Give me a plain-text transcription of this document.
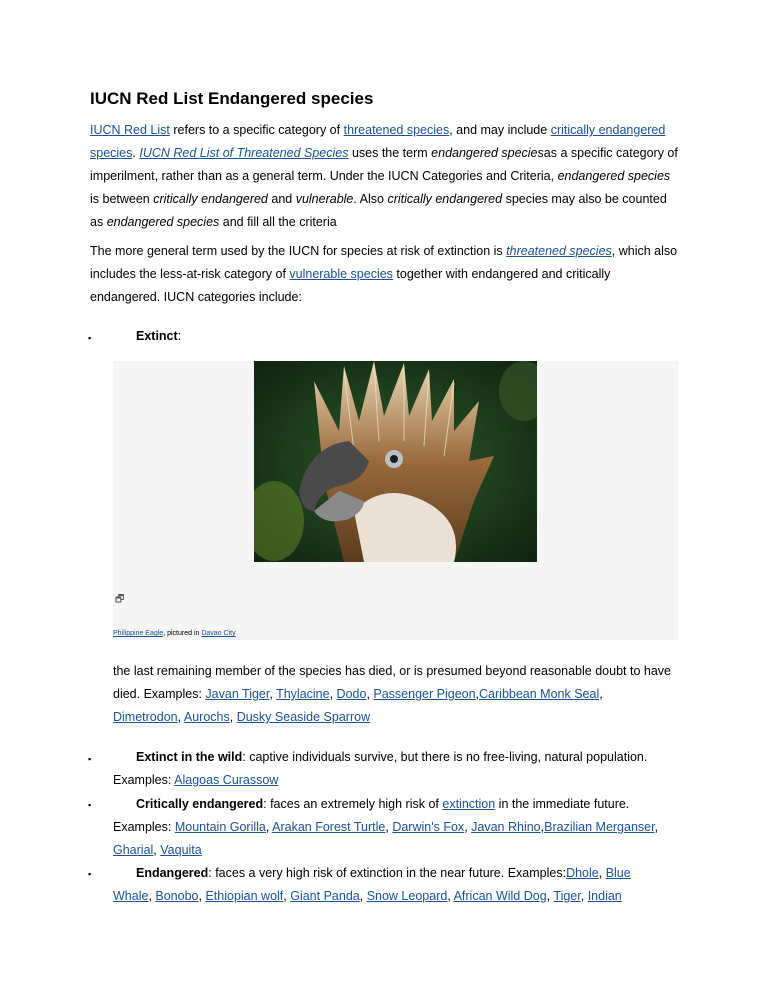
IUCN Red List Endangered species
IUCN Red List refers to a specific category of threatened species, and may include critically endangered species. IUCN Red List of Threatened Species uses the term endangered speciesas a specific category of imperilment, rather than as a general term. Under the IUCN Categories and Criteria, endangered species is between critically endangered and vulnerable. Also critically endangered species may also be counted as endangered species and fill all the criteria
The more general term used by the IUCN for species at risk of extinction is threatened species, which also includes the less-at-risk category of vulnerable species together with endangered and critically endangered. IUCN categories include:
▪	Extinct:
🗗
Philippine Eagle, pictured in Davao City
the last remaining member of the species has died, or is presumed beyond reasonable doubt to have died. Examples: Javan Tiger, Thylacine, Dodo, Passenger Pigeon,Caribbean Monk Seal, Dimetrodon, Aurochs, Dusky Seaside Sparrow
▪	Extinct in the wild: captive individuals survive, but there is no free-living, natural population.
Examples: Alagoas Curassow
▪	Critically endangered: faces an extremely high risk of extinction in the immediate future.
Examples: Mountain Gorilla, Arakan Forest Turtle, Darwin's Fox, Javan Rhino,Brazilian Merganser, Gharial, Vaquita
▪	Endangered: faces a very high risk of extinction in the near future. Examples:Dhole, Blue Whale, Bonobo, Ethiopian wolf, Giant Panda, Snow Leopard, African Wild Dog, Tiger, Indian
